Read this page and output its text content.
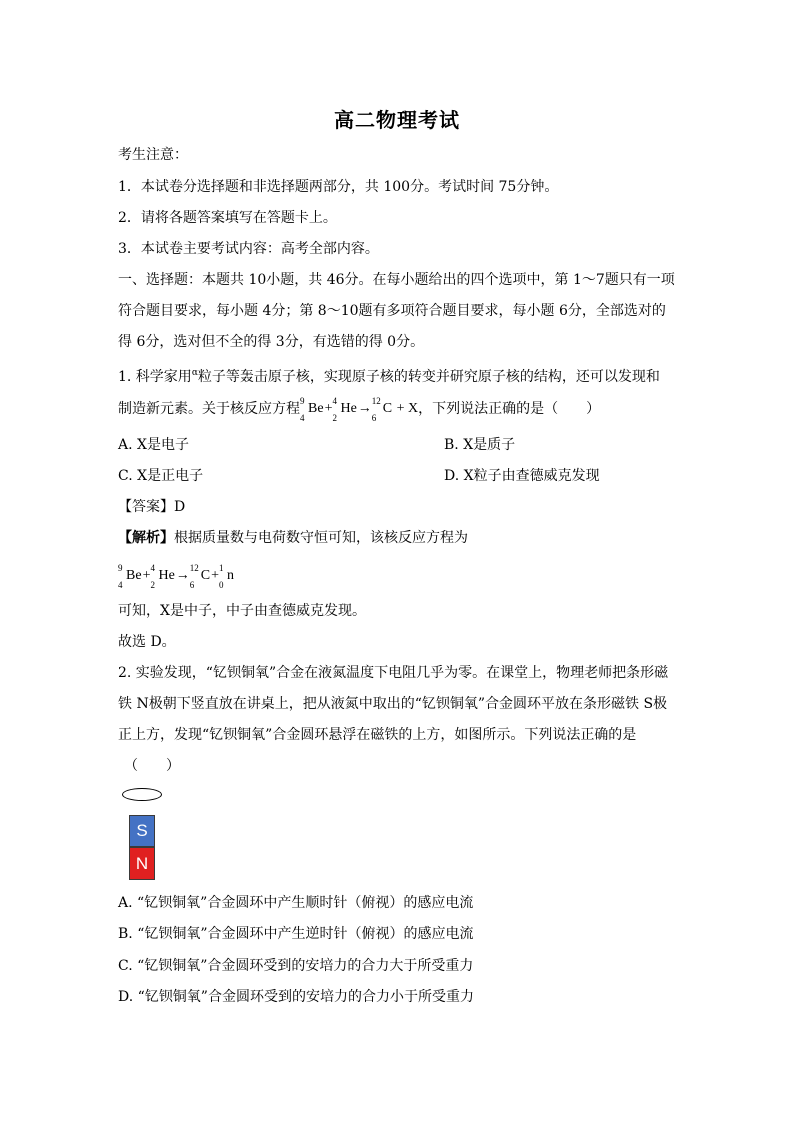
高二物理考试
考生注意：
1．本试卷分选择题和非选择题两部分，共 100分。考试时间 75分钟。
2．请将各题答案填写在答题卡上。
3．本试卷主要考试内容：高考全部内容。
一、选择题：本题共 10小题，共 46分。在每小题给出的四个选项中，第 1～7题只有一项
符合题目要求，每小题 4分；第 8～10题有多项符合题目要求，每小题 6分，全部选对的
得 6分，选对但不全的得 3分，有选错的得 0分。
1. 科学家用$^\alpha$粒子等轰击原子核，实现原子核的转变并研究原子核的结构，还可以发现和
制造新元素。关于核反应方程 9
4
Be+ 4
2
He→ 12
6
C + X，下列说法正确的是（　　）
A. X是电子	B. X是质子
C. X是正电子	D. X粒子由查德威克发现
【答案】D
【解析】根据质量数与电荷数守恒可知，该核反应方程为
9
4
Be+ 4
2
He→ 12
6
C+ 1
0
n
可知，X是中子，中子由查德威克发现。
故选 D。
2. 实验发现，“钇钡铜氧”合金在液氮温度下电阻几乎为零。在课堂上，物理老师把条形磁
铁 N极朝下竖直放在讲桌上，把从液氮中取出的“钇钡铜氧”合金圆环平放在条形磁铁 S极
正上方，发现“钇钡铜氧”合金圆环悬浮在磁铁的上方，如图所示。下列说法正确的是
（　　）
S
N
A. “钇钡铜氧”合金圆环中产生顺时针（俯视）的感应电流
B. “钇钡铜氧”合金圆环中产生逆时针（俯视）的感应电流
C. “钇钡铜氧”合金圆环受到的安培力的合力大于所受重力
D. “钇钡铜氧”合金圆环受到的安培力的合力小于所受重力
